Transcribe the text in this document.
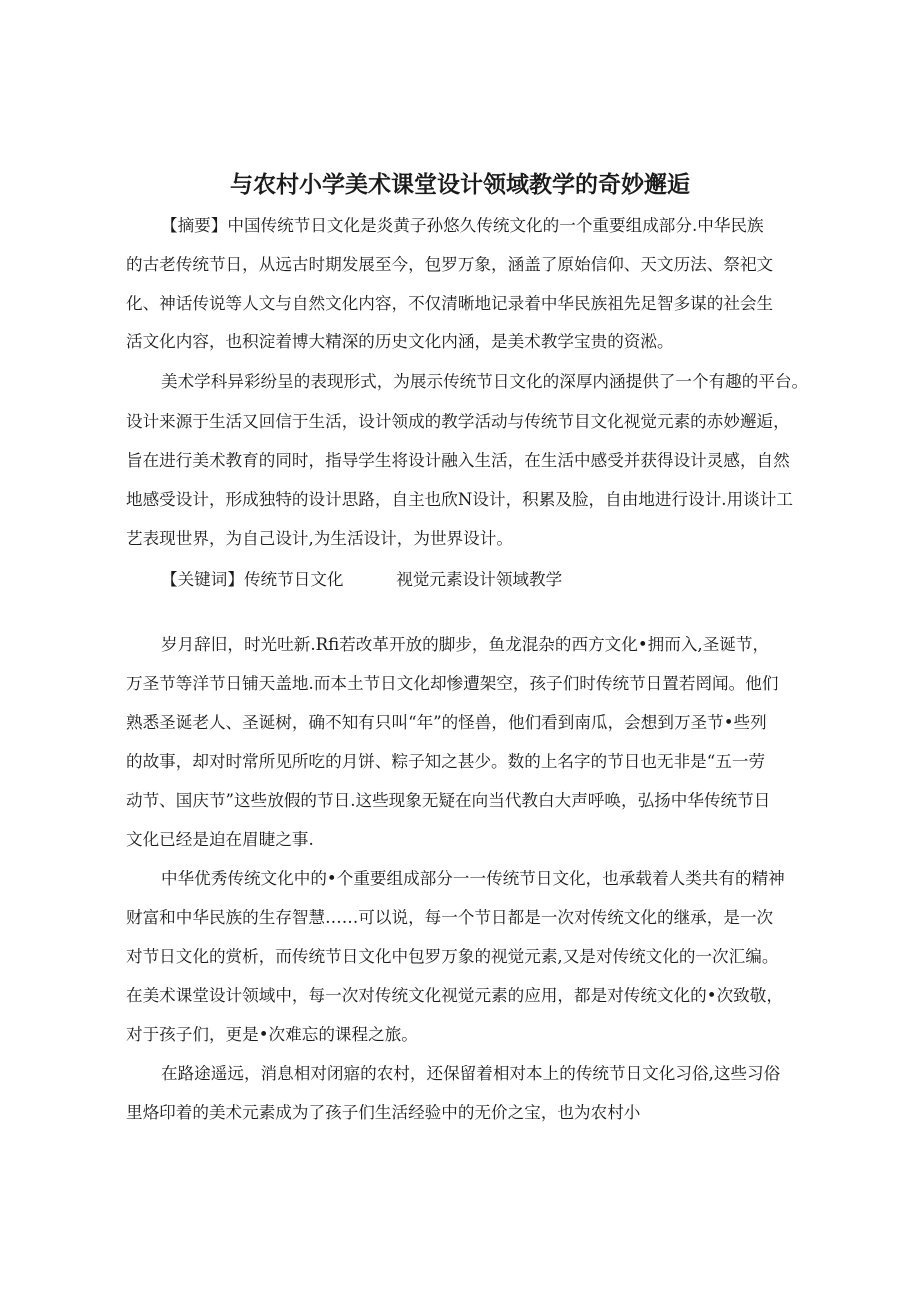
与农村小学美术课堂设计领域教学的奇妙邂逅

【摘要】中国传统节日文化是炎黄子孙悠久传统文化的一个重要组成部分.中华民族

的古老传统节日，从远古时期发展至今，包罗万象，涵盖了原始信仰、天文历法、祭祀文

化、神话传说等人文与自然文化内容，不仅清晰地记录着中华民族祖先足智多谋的社会生

活文化内容，也积淀着博大精深的历史文化内涵，是美术教学宝贵的资淞。

美术学科异彩纷呈的表现形式，为展示传统节日文化的深厚内涵提供了一个有趣的平台。

设计来源于生活又回信于生活，设计领成的教学活动与传统节目文化视觉元素的赤妙邂逅，

旨在进行美术教育的同时，指导学生将设计融入生活，在生活中感受并获得设计灵感，自然

地感受设计，形成独特的设计思路，自主也欣N设计，积累及脸，自由地进行设计.用谈计工

艺表现世界，为自己设计,为生活设计，为世界设计。

【关键词】传统节日文化          视觉元素设计领域教学

岁月辞旧，时光吐新.Rfi若改革开放的脚步，鱼龙混杂的西方文化•拥而入,圣诞节，

万圣节等洋节日铺天盖地.而本土节日文化却惨遭架空，孩子们时传统节日置若罔闻。他们

熟悉圣诞老人、圣诞树，确不知有只叫“年”的怪兽，他们看到南瓜，会想到万圣节•些列

的故事，却对时常所见所吃的月饼、粽子知之甚少。数的上名字的节日也无非是“五一劳

动节、国庆节”这些放假的节日.这些现象无疑在向当代教白大声呼唤，弘扬中华传统节日

文化已经是迫在眉睫之事.

中华优秀传统文化中的•个重要组成部分一一传统节日文化，也承载着人类共有的精神

财富和中华民族的生存智慧……可以说，每一个节日都是一次对传统文化的继承，是一次

对节日文化的赏析，而传统节日文化中包罗万象的视觉元素,又是对传统文化的一次汇编。

在美术课堂设计领域中，每一次对传统文化视觉元素的应用，都是对传统文化的•次致敬，

对于孩子们，更是•次难忘的课程之旅。

在路途遥远，消息相对闭寤的农村，还保留着相对本上的传统节日文化习俗,这些习俗

里烙印着的美术元素成为了孩子们生活经验中的无价之宝，也为农村小
